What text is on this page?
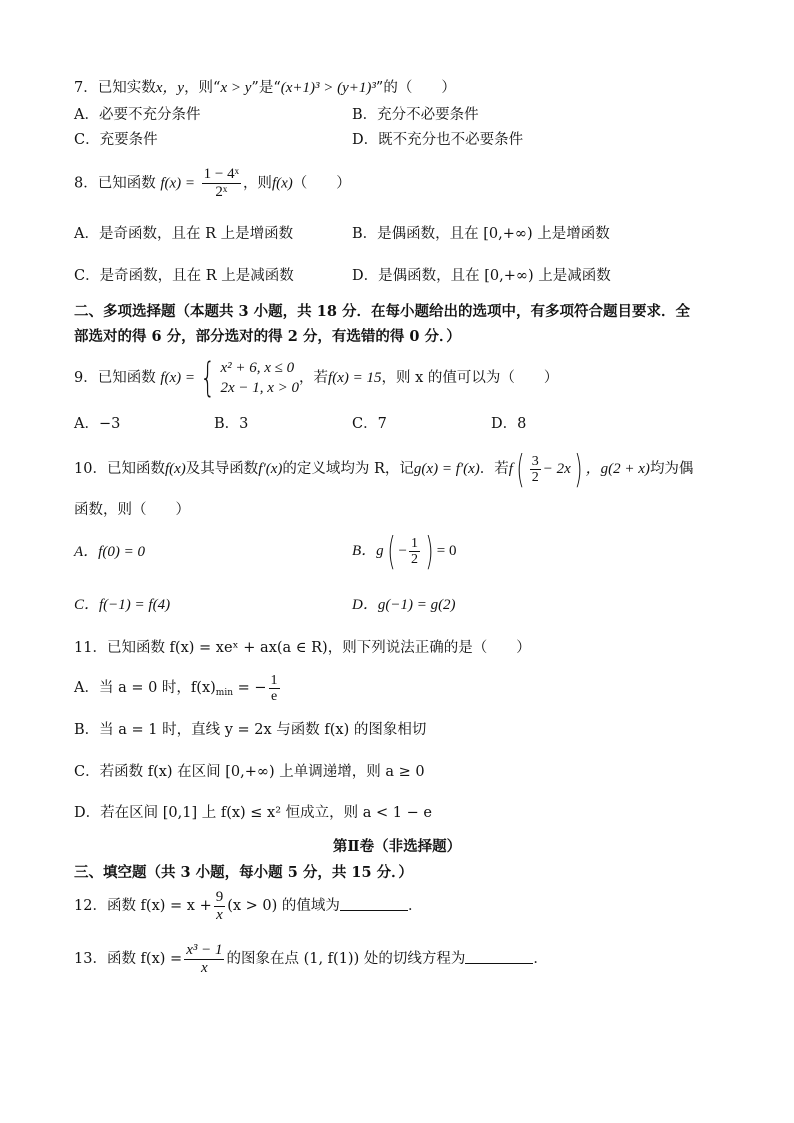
7．已知实数x，y，则“x > y”是“(x+1)³ > (y+1)³”的（　　）
A．必要不充分条件	B．充分不必要条件
C．充要条件	D．既不充分也不必要条件
8．已知函数 $f(x) = \frac{\text{1 − 4ˣ}}{\text{2ˣ}}$ ，则f(x)（　　）
A．是奇函数，且在 R 上是增函数	B．是偶函数，且在 [0,+∞) 上是增函数
C．是奇函数，且在 R 上是减函数	D．是偶函数，且在 [0,+∞) 上是减函数
二、多项选择题（本题共 3 小题，共 18 分．在每小题给出的选项中，有多项符合题目要求．全
部选对的得 6 分，部分选对的得 2 分，有选错的得 0 分．）
9．已知函数 f(x) = { x² + 6, x ≤ 0
2x − 1, x > 0
，若f(x) = 15，则 x 的值可以为（　　）
A．−3	B．3	C．7	D．8
10．已知函数f(x)及其导函数f′(x)的定义域均为 R，记g(x) = f′(x)．若$f( \frac{3}{2} - 2x)$ ，g(2 + x)均为偶
函数，则（　　）
A．f(0) = 0	B．$g( - \frac{1}{2}$ ) = 0
C．f(−1) = f(4)	D．g(−1) = g(2)
11．已知函数 f(x) = xeˣ + ax(a ∈ R)，则下列说法正确的是（　　）
A．当 a = 0 时，$f(x)_{min}$ = − $\frac{1}{e}$
B．当 a = 1 时，直线 y = 2x 与函数 f(x) 的图象相切
C．若函数 f(x) 在区间 [0,+∞) 上单调递增，则 a ≥ 0
D．若在区间 [0,1] 上 f(x) ≤ x² 恒成立，则 a < 1 − e
第Ⅱ卷（非选择题）
三、填空题（共 3 小题，每小题 5 分，共 15 分．）
12．函数 $f(x) = x + \frac{9}{x} (x > 0)$ 的值域为	．
13．函数 $f(x) = \frac{\text{x³ − 1}}{x}$ 的图象在点 (1, f(1)) 处的切线方程为	．
